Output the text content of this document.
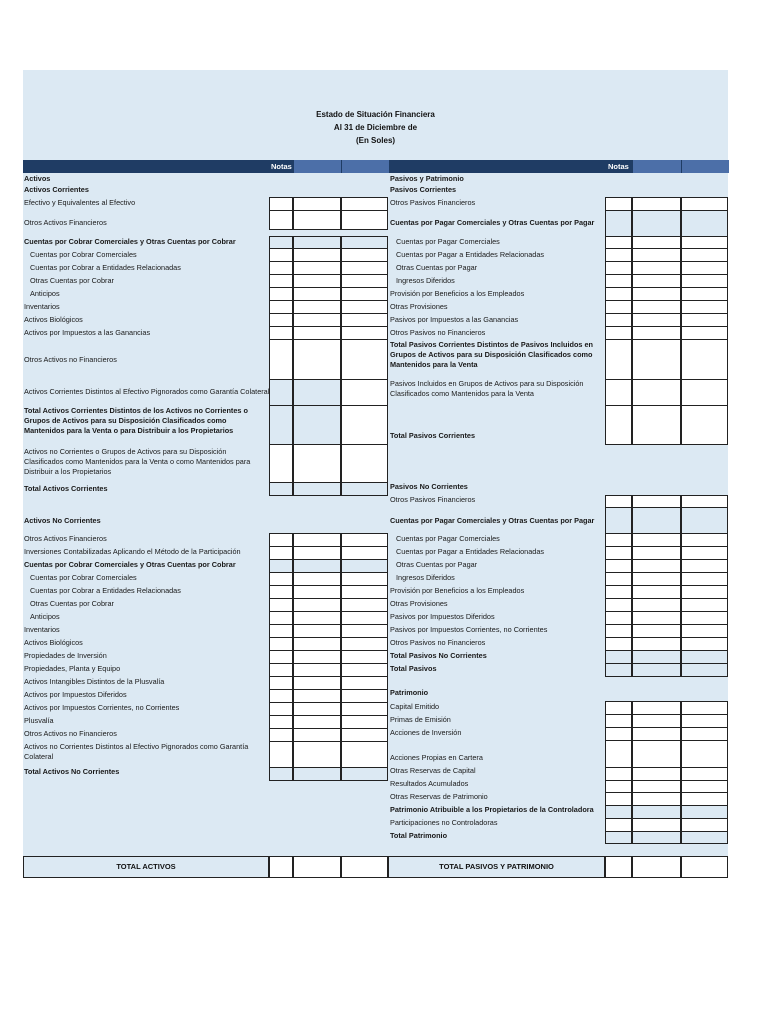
Estado de Situación Financiera
Al 31 de Diciembre de
(En Soles)
Notas	Notas
Activos
Activos Corrientes
Efectivo y Equivalentes al Efectivo
Otros Activos Financieros
Cuentas por Cobrar Comerciales y Otras Cuentas por Cobrar
Cuentas por Cobrar Comerciales
Cuentas por Cobrar a Entidades Relacionadas
Otras Cuentas por Cobrar
Anticipos
Inventarios
Activos Biológicos
Activos por Impuestos a las Ganancias
Otros Activos no Financieros
Activos Corrientes Distintos al Efectivo Pignorados como Garantía Colateral
Total Activos Corrientes Distintos de los Activos no Corrientes o Grupos de Activos para su Disposición Clasificados como Mantenidos para la Venta o para Distribuir a los Propietarios
Activos no Corrientes o Grupos de Activos para su Disposición Clasificados como Mantenidos para la Venta o como Mantenidos para Distribuir a los Propietarios
Total Activos Corrientes
Activos No Corrientes
Otros Activos Financieros
Inversiones Contabilizadas Aplicando el Método de la Participación
Cuentas por Cobrar Comerciales y Otras Cuentas por Cobrar
Cuentas por Cobrar Comerciales
Cuentas por Cobrar a Entidades Relacionadas
Otras Cuentas por Cobrar
Anticipos
Inventarios
Activos Biológicos
Propiedades de Inversión
Propiedades, Planta y Equipo
Activos Intangibles Distintos de la Plusvalía
Activos por Impuestos Diferidos
Activos por Impuestos Corrientes, no Corrientes
Plusvalía
Otros Activos no Financieros
Activos no Corrientes Distintos al Efectivo Pignorados como Garantía Colateral
Total Activos No Corrientes
Pasivos y Patrimonio
Pasivos Corrientes
Otros Pasivos Financieros
Cuentas por Pagar Comerciales y Otras Cuentas por Pagar
Cuentas por Pagar Comerciales
Cuentas por Pagar a Entidades Relacionadas
Otras Cuentas por Pagar
Ingresos Diferidos
Provisión por Beneficios a los Empleados
Otras Provisiones
Pasivos por Impuestos a las Ganancias
Otros Pasivos no Financieros
Total Pasivos Corrientes Distintos de Pasivos Incluidos en Grupos de Activos para su Disposición Clasificados como Mantenidos para la Venta
Pasivos Incluidos en Grupos de Activos para su Disposición Clasificados como Mantenidos para la Venta
Total Pasivos Corrientes
Pasivos No Corrientes
Otros Pasivos Financieros
Cuentas por Pagar Comerciales y Otras Cuentas por Pagar
Cuentas por Pagar Comerciales
Cuentas por Pagar a Entidades Relacionadas
Otras Cuentas por Pagar
Ingresos Diferidos
Provisión por Beneficios a los Empleados
Otras Provisiones
Pasivos por Impuestos Diferidos
Pasivos por Impuestos Corrientes, no Corrientes
Otros Pasivos no Financieros
Total Pasivos No Corrientes
Total Pasivos
Patrimonio
Capital Emitido
Primas de Emisión
Acciones de Inversión
Acciones Propias en Cartera
Otras Reservas de Capital
Resultados Acumulados
Otras Reservas de Patrimonio
Patrimonio Atribuible a los Propietarios de la Controladora
Participaciones no Controladoras
Total Patrimonio
TOTAL ACTIVOS	TOTAL PASIVOS Y PATRIMONIO
